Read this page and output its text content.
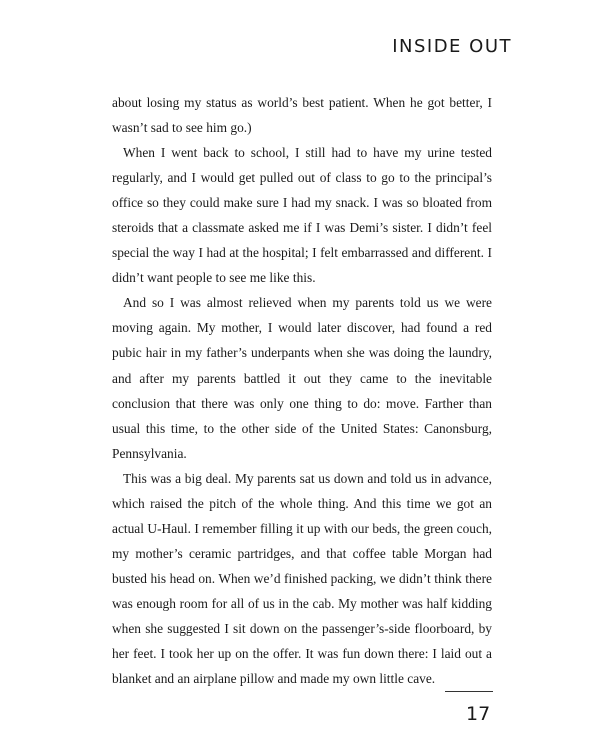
INSIDE OUT

about losing my status as world’s best patient. When he got better, I wasn’t sad to see him go.)

When I went back to school, I still had to have my urine tested regularly, and I would get pulled out of class to go to the principal’s office so they could make sure I had my snack. I was so bloated from steroids that a classmate asked me if I was Demi’s sister. I didn’t feel special the way I had at the hospital; I felt embarrassed and different. I didn’t want people to see me like this.

And so I was almost relieved when my parents told us we were moving again. My mother, I would later discover, had found a red pubic hair in my father’s underpants when she was doing the laundry, and after my parents battled it out they came to the inevitable conclusion that there was only one thing to do: move. Farther than usual this time, to the other side of the United States: Canonsburg, Pennsylvania.

This was a big deal. My parents sat us down and told us in advance, which raised the pitch of the whole thing. And this time we got an actual U-Haul. I remember filling it up with our beds, the green couch, my mother’s ceramic partridges, and that coffee table Morgan had busted his head on. When we’d finished packing, we didn’t think there was enough room for all of us in the cab. My mother was half kidding when she suggested I sit down on the passenger’s-side floorboard, by her feet. I took her up on the offer. It was fun down there: I laid out a blanket and an airplane pillow and made my own little cave.

17
